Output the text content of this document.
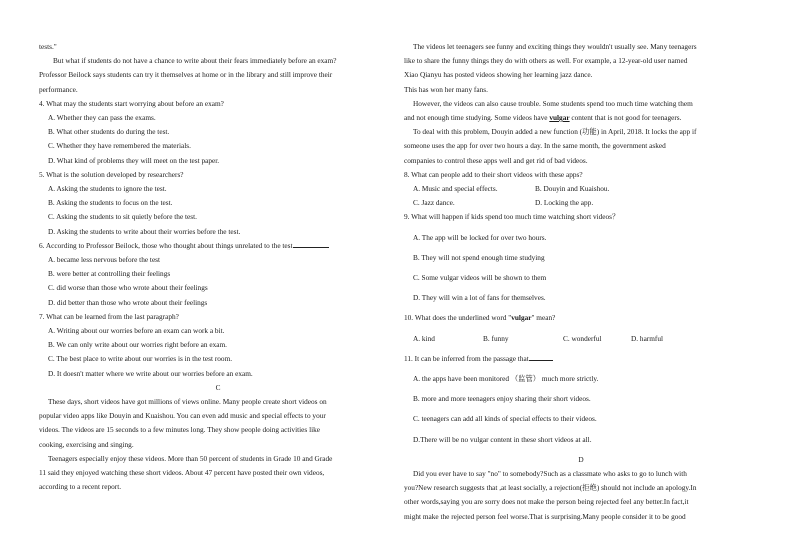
tests."

But what if students do not have a chance to write about their fears immediately before an exam?

Professor Beilock says students can try it themselves at home or in the library and still improve their

performance.

4. What may the students start worrying about before an exam?

A. Whether they can pass the exams.

B. What other students do during the test.

C. Whether they have remembered the materials.

D. What kind of problems they will meet on the test paper.

5. What is the solution developed by researchers?

A. Asking the students to ignore the test.

B. Asking the students to focus on the test.

C. Asking the students to sit quietly before the test.

D. Asking the students to write about their worries before the test.

6. According to Professor Beilock, those who thought about things unrelated to the test

A. became less nervous before the test

B. were better at controlling their feelings

C. did worse than those who wrote about their feelings

D. did better than those who wrote about their feelings

7. What can be learned from the last paragraph?

A. Writing about our worries before an exam can work a bit.

B. We can only write about our worries right before an exam.

C. The best place to write about our worries is in the test room.

D. It doesn't matter where we write about our worries before an exam.

C

These days, short videos have got millions of views online. Many people create short videos on

popular video apps like Douyin and Kuaishou. You can even add music and special effects to your

videos. The videos are 15 seconds to a few minutes long. They show people doing activities like

cooking, exercising and singing.

Teenagers especially enjoy these videos. More than 50 percent of students in Grade 10 and Grade

11 said they enjoyed watching these short videos. About 47 percent have posted their own videos,

according to a recent report.

The videos let teenagers see funny and exciting things they wouldn't usually see. Many teenagers

like to share the funny things they do with others as well. For example, a 12-year-old user named

Xiao Qianyu has posted videos showing her learning jazz dance.

This has won her many fans.

However, the videos can also cause trouble. Some students spend too much time watching them

and not enough time studying. Some videos have vulgar content that is not good for teenagers.

To deal with this problem, Douyin added a new function (功能) in April, 2018. It locks the app if

someone uses the app for over two hours a day. In the same month, the government asked

companies to control these apps well and get rid of bad videos.

8. What can people add to their short videos with these apps?

A. Music and special effects.	B. Douyin and Kuaishou.

C. Jazz dance.	D. Locking the app.

9. What will happen if kids spend too much time watching short videos？

A. The app will be locked for over two hours.

B. They will not spend enough time studying

C. Some vulgar videos will be shown to them

D. They will win a lot of fans for themselves.

10. What does the underlined word "vulgar" mean?

A. kind	B. funny	C. wonderful	D. harmful

11. It can be inferred from the passage that

A. the apps have been monitored （监管） much more strictly.

B. more and more teenagers enjoy sharing their short videos.

C. teenagers can add all kinds of special effects to their videos.

D.There will be no vulgar content in these short videos at all.

D

Did you ever have to say "no" to somebody?Such as a classmate who asks to go to lunch with

you?New research suggests that ,at least socially, a rejection(拒绝) should not include an apology.In

other words,saying you are sorry does not make the person being rejected feel any better.In fact,it

might make the rejected person feel worse.That is surprising.Many people consider it to be good
